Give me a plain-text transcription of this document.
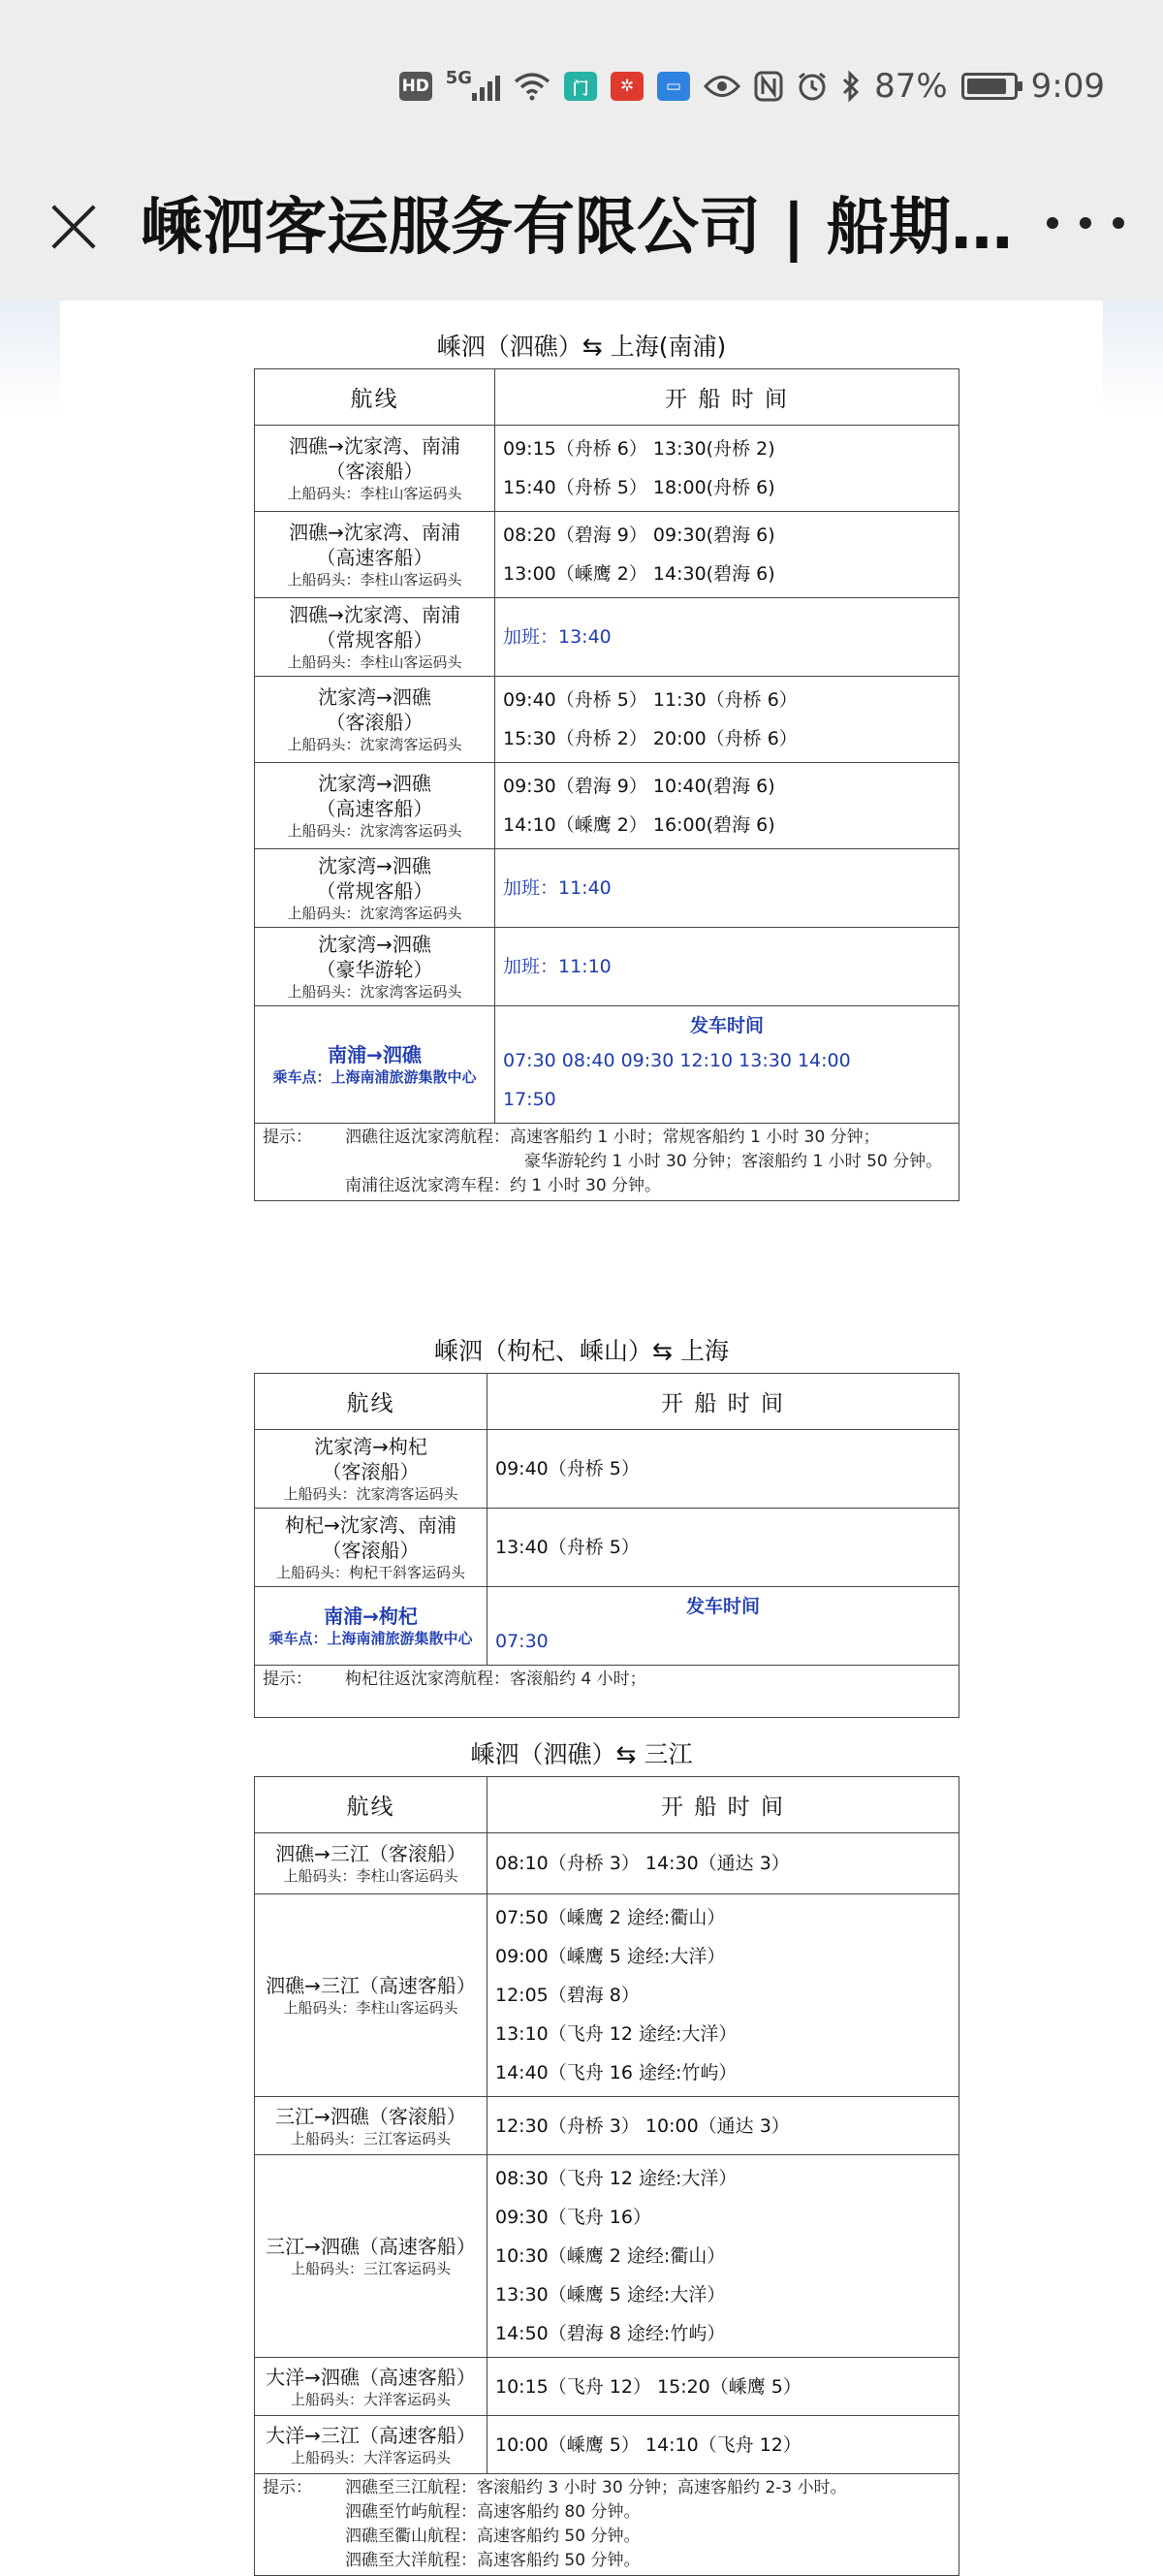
HD 5G
门	✲	▭	87%	9:09
嵊泗客运服务有限公司 | 船期…
嵊泗（泗礁）⇆ 上海(南浦)
航线	开 船 时 间

泗礁→沈家湾、南浦
（客滚船）
上船码头：李柱山客运码头	09:15（舟桥 6） 13:30(舟桥 2)
15:40（舟桥 5） 18:00(舟桥 6)

泗礁→沈家湾、南浦
（高速客船）
上船码头：李柱山客运码头	08:20（碧海 9） 09:30(碧海 6)
13:00（嵊鹰 2） 14:30(碧海 6)

泗礁→沈家湾、南浦
（常规客船）
上船码头：李柱山客运码头	加班：13:40

沈家湾→泗礁
（客滚船）
上船码头：沈家湾客运码头	09:40（舟桥 5） 11:30（舟桥 6）
15:30（舟桥 2） 20:00（舟桥 6）

沈家湾→泗礁
（高速客船）
上船码头：沈家湾客运码头	09:30（碧海 9） 10:40(碧海 6)
14:10（嵊鹰 2） 16:00(碧海 6)

沈家湾→泗礁
（常规客船）
上船码头：沈家湾客运码头	加班：11:40

沈家湾→泗礁
（豪华游轮）
上船码头：沈家湾客运码头	加班：11:10

南浦→泗礁
乘车点：上海南浦旅游集散中心	发车时间
07:30 08:40 09:30 12:10 13:30 14:00
17:50

提示： 泗礁往返沈家湾航程：高速客船约 1 小时；常规客船约 1 小时 30 分钟；
豪华游轮约 1 小时 30 分钟；客滚船约 1 小时 50 分钟。
南浦往返沈家湾车程：约 1 小时 30 分钟。	
嵊泗（枸杞、嵊山）⇆ 上海
航线	开 船 时 间

沈家湾→枸杞
（客滚船）
上船码头：沈家湾客运码头	09:40（舟桥 5）

枸杞→沈家湾、南浦
（客滚船）
上船码头：枸杞干斜客运码头	13:40（舟桥 5）

南浦→枸杞
乘车点：上海南浦旅游集散中心	发车时间
07:30

提示： 枸杞往返沈家湾航程：客滚船约 4 小时；	
嵊泗（泗礁）⇆ 三江
航线	开 船 时 间

泗礁→三江（客滚船）
上船码头：李柱山客运码头	08:10（舟桥 3） 14:30（通达 3）

泗礁→三江（高速客船）
上船码头：李柱山客运码头	07:50（嵊鹰 2 途经:衢山）
09:00（嵊鹰 5 途经:大洋）
12:05（碧海 8）
13:10（飞舟 12 途经:大洋）
14:40（飞舟 16 途经:竹屿）

三江→泗礁（客滚船）
上船码头：三江客运码头	12:30（舟桥 3） 10:00（通达 3）

三江→泗礁（高速客船）
上船码头：三江客运码头	08:30（飞舟 12 途经:大洋）
09:30（飞舟 16）
10:30（嵊鹰 2 途经:衢山）
13:30（嵊鹰 5 途经:大洋）
14:50（碧海 8 途经:竹屿）

大洋→泗礁（高速客船）
上船码头：大洋客运码头	10:15（飞舟 12） 15:20（嵊鹰 5）

大洋→三江（高速客船）
上船码头：大洋客运码头	10:00（嵊鹰 5） 14:10（飞舟 12）

提示： 泗礁至三江航程：客滚船约 3 小时 30 分钟；高速客船约 2-3 小时。
泗礁至竹屿航程：高速客船约 80 分钟。
泗礁至衢山航程：高速客船约 50 分钟。
泗礁至大洋航程：高速客船约 50 分钟。	
